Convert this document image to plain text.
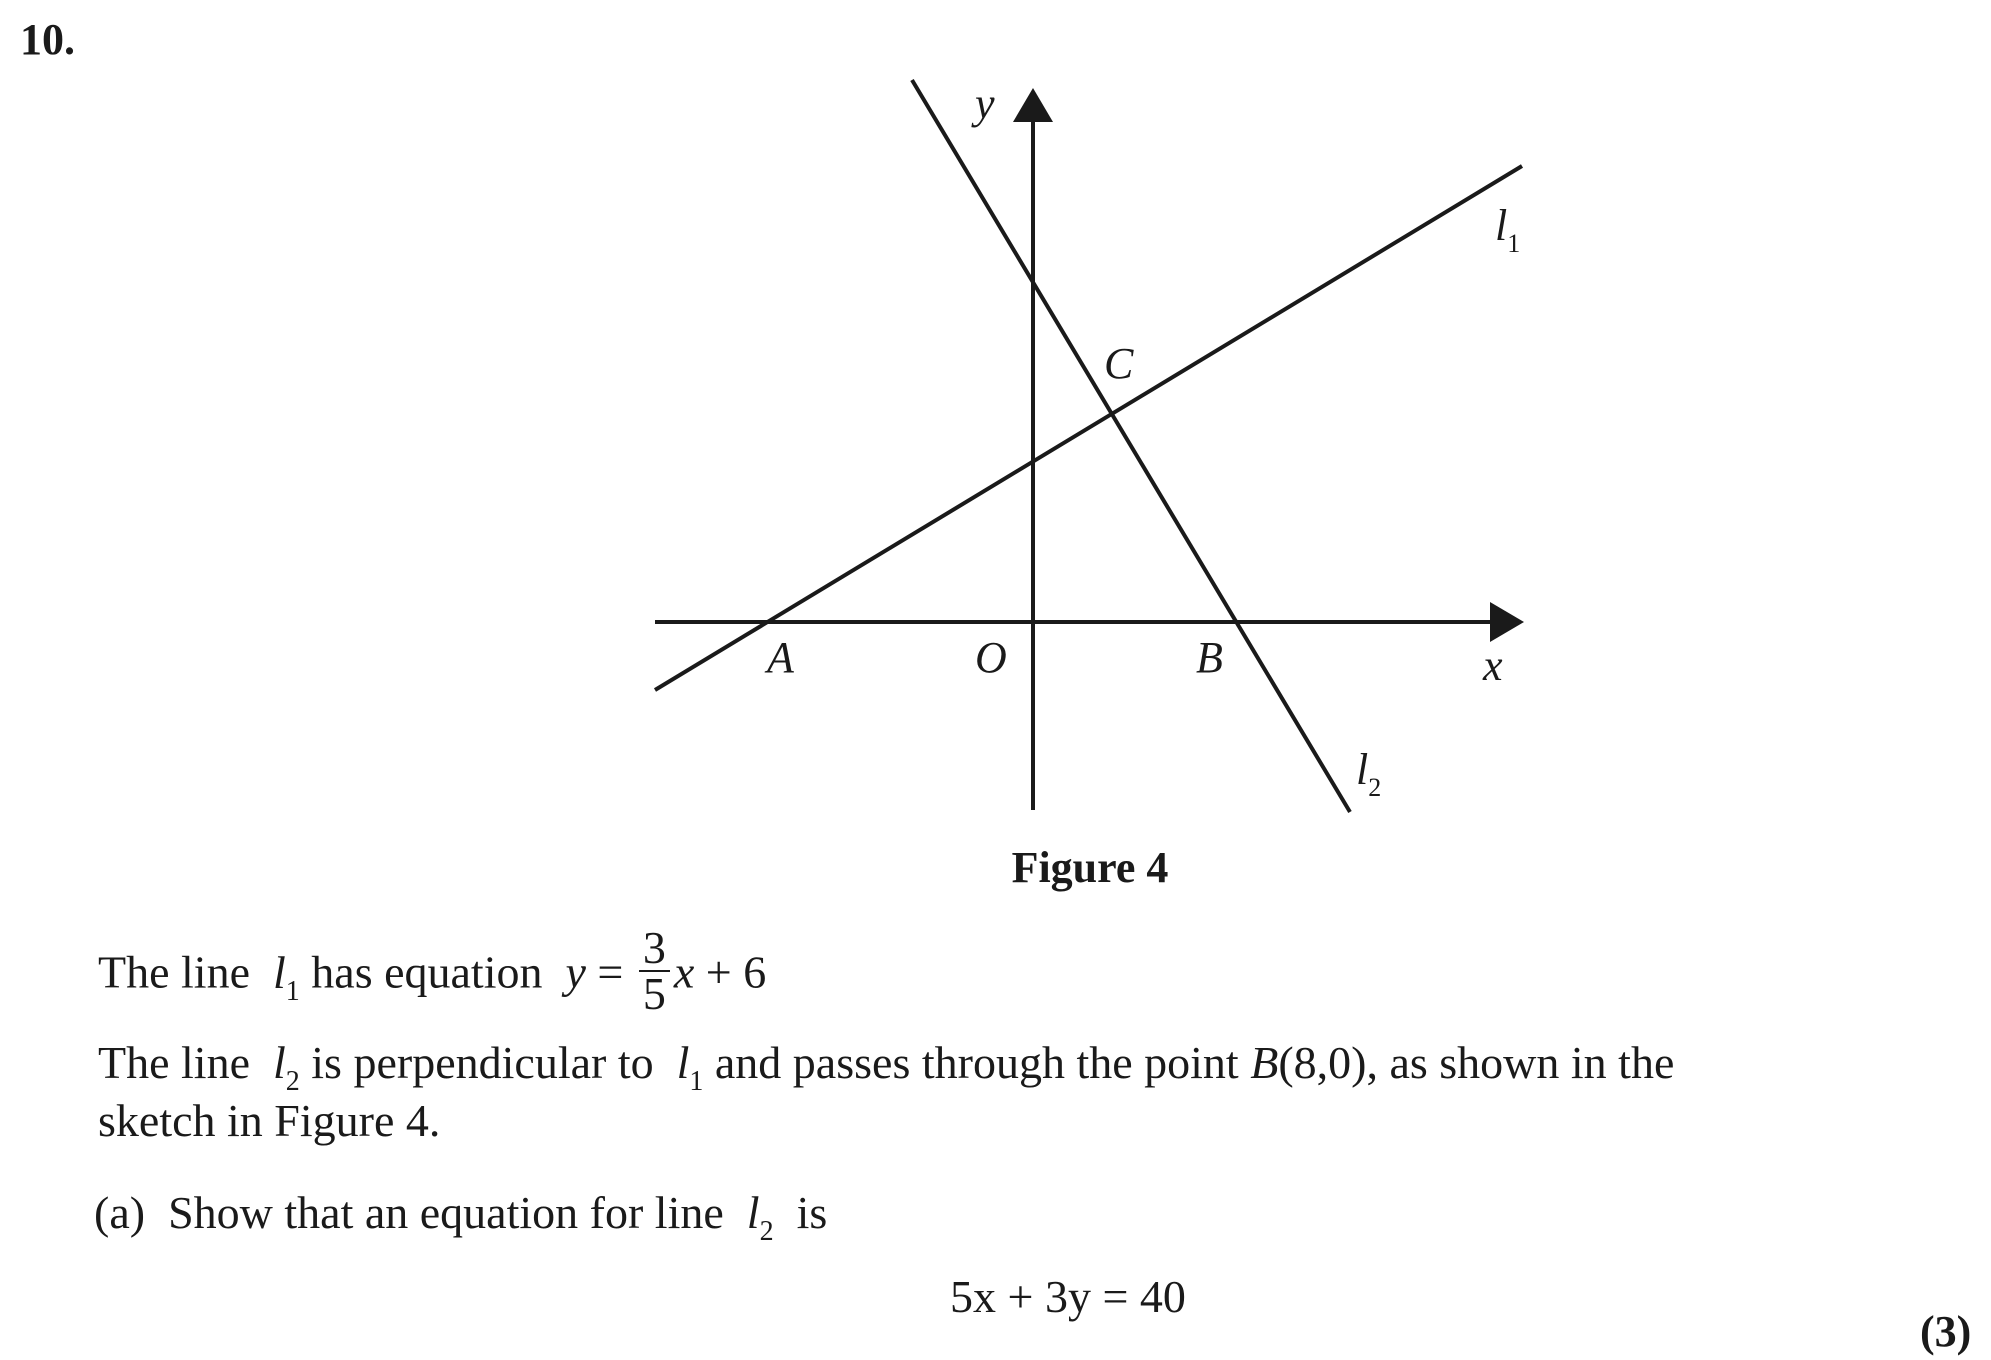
10.
y
x
O
A	B
C
$l_1$
$l_2$
Figure 4
The line $l_1$ has equation $y = \frac{3}{5}$ x + 6
The line $l_2$ is perpendicular to $l_1$ and passes through the point B(8,0), as shown in the
sketch in Figure 4.
(a) Show that an equation for line $l_2$ is
5x + 3y = 40
(3)
